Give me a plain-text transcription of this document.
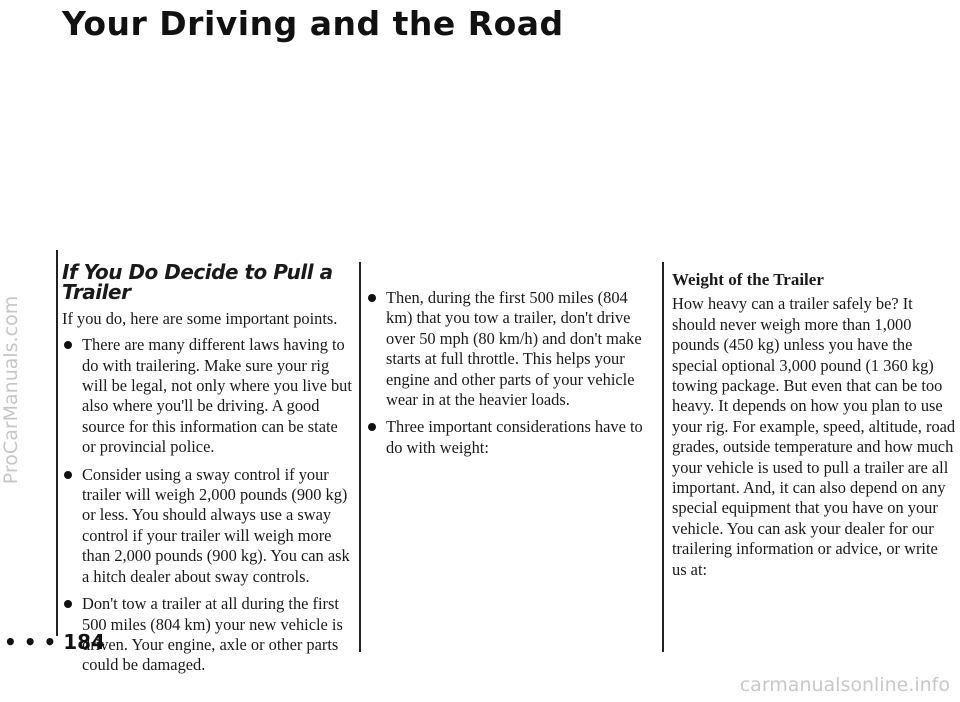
Your Driving and the Road
ProCarManuals.com
If You Do Decide to Pull a Trailer

If you do, here are some important points.

There are many different laws having to do with trailering. Make sure your rig will be legal, not only where you live but also where you'll be driving. A good source for this information can be state or provincial police.
Consider using a sway control if your trailer will weigh 2,000 pounds (900 kg) or less. You should always use a sway control if your trailer will weigh more than 2,000 pounds (900 kg). You can ask a hitch dealer about sway controls.
Don't tow a trailer at all during the first 500 miles (804 km) your new vehicle is driven. Your engine, axle or other parts could be damaged.
Then, during the first 500 miles (804 km) that you tow a trailer, don't drive over 50 mph (80 km/h) and don't make starts at full throttle. This helps your engine and other parts of your vehicle wear in at the heavier loads.
Three important considerations have to do with weight:
Weight of the Trailer

How heavy can a trailer safely be? It should never weigh more than 1,000 pounds (450 kg) unless you have the special optional 3,000 pound (1 360 kg) towing package. But even that can be too heavy. It depends on how you plan to use your rig. For example, speed, altitude, road grades, outside temperature and how much your vehicle is used to pull a trailer are all important. And, it can also depend on any special equipment that you have on your vehicle. You can ask your dealer for our trailering information or advice, or write us at:

• • • 184
carmanualsonline.info
